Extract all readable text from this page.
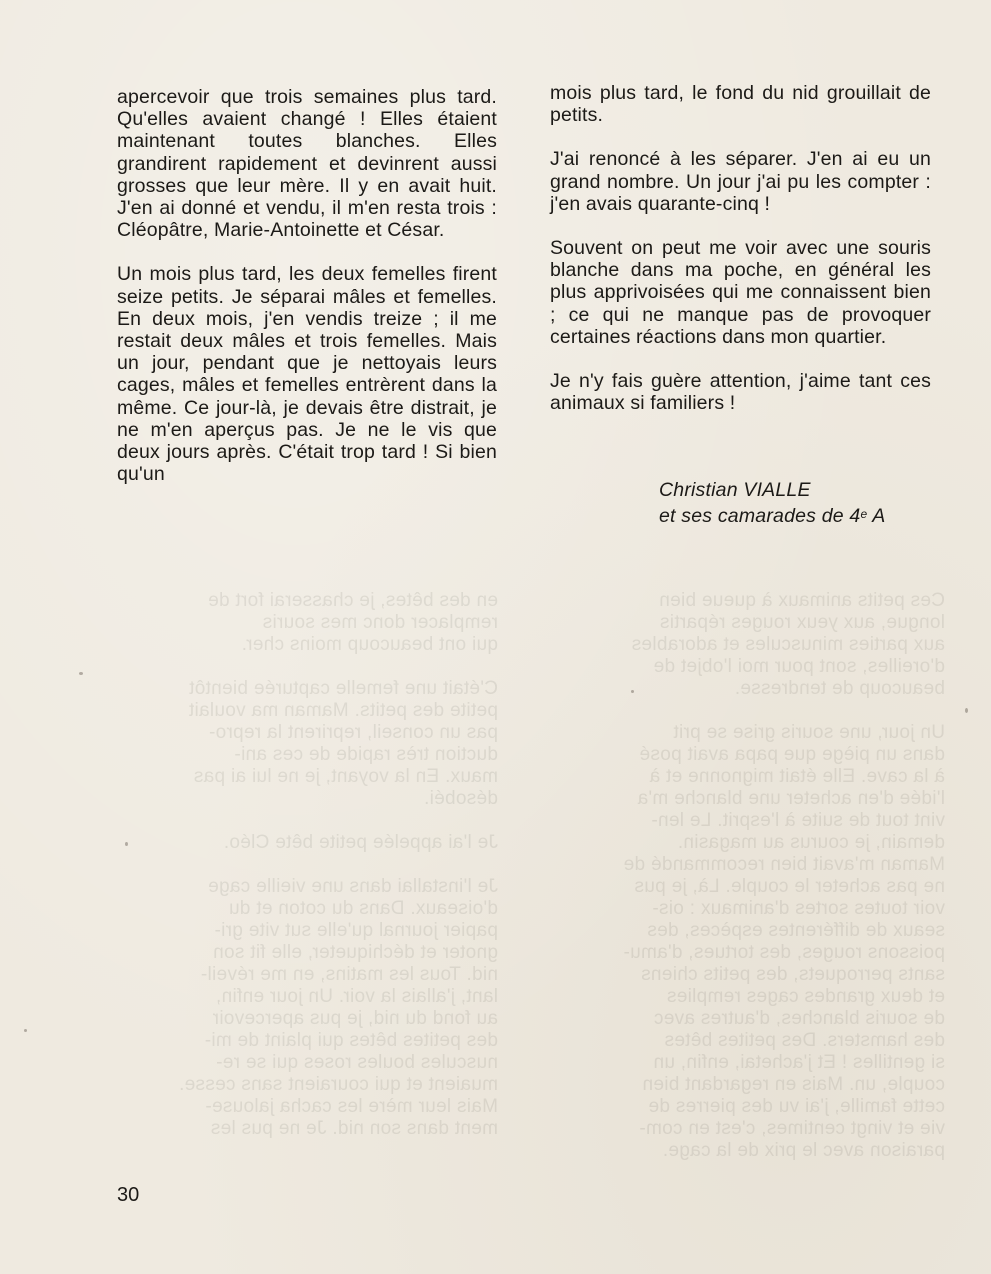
en des bêtes, je chasserai fort de
remplacer donc mes souris
qui ont beaucoup moins cher.

C'était une femelle capturée bientôt
petite des petits. Maman ma voulait
pas un conseil, reprirent la repro-
duction très rapide de ces ani-
maux. En la voyant, je ne lui ai pas
désobéi.

Je l'ai appelée petite bête Cléo.

Je l'installai dans une vieille cage
d'oiseaux. Dans du coton et du
papier journal qu'elle sut vite gri-
gnoter et déchiqueter, elle fit son
nid. Tous les matins, en me réveil-
lant, j'allais la voir. Un jour enfin,
au fond du nid, je pus apercevoir
des petites bêtes qui plaint de mi-
nuscules boules roses qui se re-
muaient et qui couraient sans cesse.
Mais leur mère les cacha jalouse-
ment dans son nid. Je ne pus les
Ces petits animaux à queue bien
longue, aux yeux rouges répartis
aux parties minuscules et adorables
d'oreilles, sont pour moi l'objet de
beaucoup de tendresse.

Un jour, une souris grise se prit
dans un piège que papa avait posé
à la cave. Elle était mignonne et à
l'idée d'en acheter une blanche m'a
vint tout de suite à l'esprit. Le len-
demain, je courus au magasin.
Maman m'avait bien recommandé de
ne pas acheter le couple. Là, je pus
voir toutes sortes d'animaux : ois-
seaux de différentes espèces, des
poissons rouges, des tortues, d'amu-
sants perroquets, des petits chiens
et deux grandes cages remplies
de souris blanches, d'autres avec
des hamsters. Des petites bêtes
si gentilles ! Et j'achetai, enfin, un
couple, un. Mais en regardant bien
cette famille, j'ai vu des pierres de
vie et vingt centimes, c'est en com-
paraison avec le prix de la cage.

apercevoir que trois semaines plus tard. Qu'elles avaient changé ! Elles étaient maintenant toutes blanches. Elles grandirent rapidement et devinrent aussi grosses que leur mère. Il y en avait huit. J'en ai donné et vendu, il m'en resta trois : Cléopâtre, Marie-Antoinette et César.

Un mois plus tard, les deux femelles firent seize petits. Je séparai mâles et femelles. En deux mois, j'en vendis treize ; il me restait deux mâles et trois femelles. Mais un jour, pendant que je nettoyais leurs cages, mâles et femelles entrèrent dans la même. Ce jour-là, je devais être distrait, je ne m'en aperçus pas. Je ne le vis que deux jours après. C'était trop tard ! Si bien qu'un

mois plus tard, le fond du nid grouillait de petits.

J'ai renoncé à les séparer. J'en ai eu un grand nombre. Un jour j'ai pu les compter : j'en avais quarante-cinq !

Souvent on peut me voir avec une souris blanche dans ma poche, en général les plus apprivoisées qui me connaissent bien ; ce qui ne manque pas de provoquer certaines réactions dans mon quartier.

Je n'y fais guère attention, j'aime tant ces animaux si familiers !

Christian VIALLE
et ses camarades de 4e A
30
